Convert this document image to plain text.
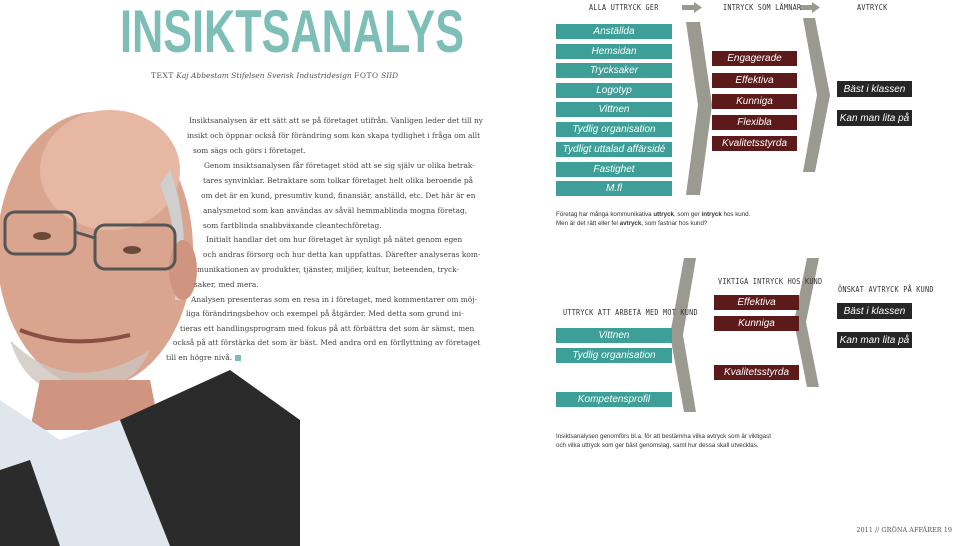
INSIKTSANALYS
TEXT Kaj Abbestam Stifelsen Svensk Industridesign FOTO SIID
Insiktsanalysen är ett sätt att se på företaget utifrån. Vanligen leder det till ny
insikt och öppnar också för förändring som kan skapa tydlighet i fråga om allt
som sägs och görs i företaget.
Genom insiktsanalysen får företaget stöd att se sig själv ur olika betrak-
tares synvinklar. Betraktare som tolkar företaget helt olika beroende på
om det är en kund, presumtiv kund, finansiär, anställd, etc. Det här är en
analysmetod som kan användas av såväl hemmablinda mogna företag,
som fartblinda snabbväxande cleantechföretag.
Initialt handlar det om hur företaget är synligt på nätet genom egen
och andras försorg och hur detta kan uppfattas. Därefter analyseras kom-
munikationen av produkter, tjänster, miljöer, kultur, beteenden, tryck-
saker, med mera.
Analysen presenteras som en resa in i företaget, med kommentarer om möj-
liga förändringsbehov och exempel på åtgärder. Med detta som grund ini-
tieras ett handlingsprogram med fokus på att förbättra det som är sämst, men
också på att förstärka det som är bäst. Med andra ord en förflyttning av företaget
till en högre nivå.
ALLA UTTRYCK GER	INTRYCK SOM LÄMNAR	AVTRYCK
Anställda
Hemsidan
Trycksaker
Logotyp
Vittnen
Tydlig organisation
Tydligt uttalad affärsidé
Fastighet
M.fl
Engagerade
Effektiva
Kunniga
Flexibla
Kvalitetsstyrda
Bäst i klassen
Kan man lita på
Företag har många kommunikativa uttryck, som ger intryck hos kund.
Men är det rätt eller fel avtryck, som fastnar hos kund?
UTTRYCK ATT ARBETA MED MOT KUND
VIKTIGA INTRYCK HOS KUND
ÖNSKAT AVTRYCK PÅ KUND
Vittnen
Tydlig organisation
Kompetensprofil
Effektiva
Kunniga
Kvalitetsstyrda
Bäst i klassen
Kan man lita på
Insiktsanalysen genomförs bl.a. för att bestämma vilka avtryck som är viktigast
och vilka uttryck som ger bäst genomslag, samt hur dessa skall utvecklas.
2011 // GRÖNA AFFÄRER 19
